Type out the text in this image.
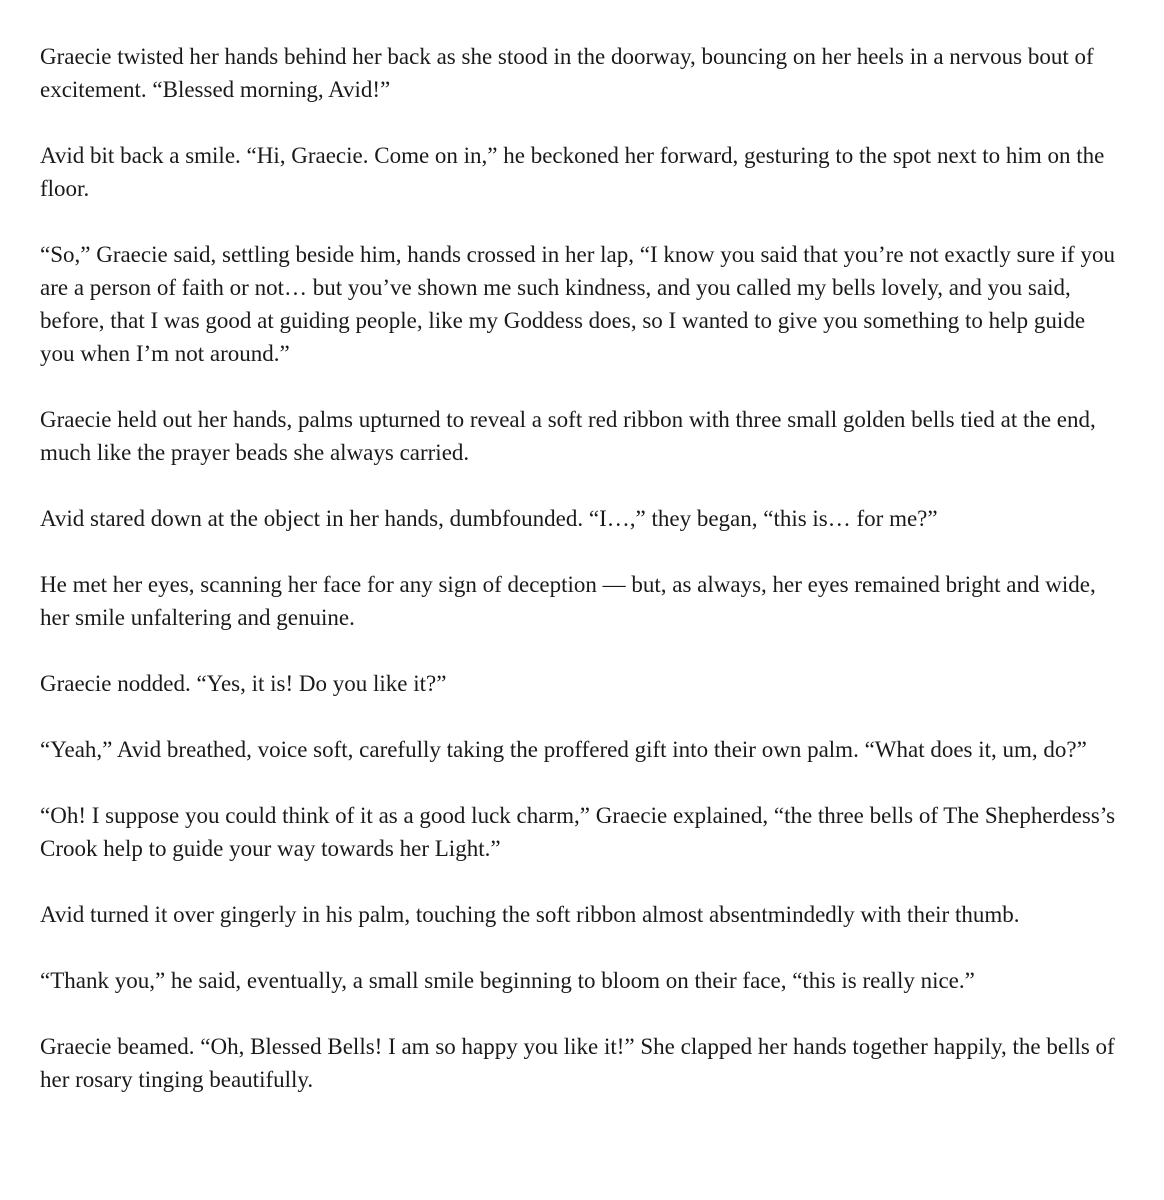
Graecie twisted her hands behind her back as she stood in the doorway, bouncing on her heels in a nervous bout of excitement. “Blessed morning, Avid!”

Avid bit back a smile. “Hi, Graecie. Come on in,” he beckoned her forward, gesturing to the spot next to him on the floor.

“So,” Graecie said, settling beside him, hands crossed in her lap, “I know you said that you’re not exactly sure if you are a person of faith or not… but you’ve shown me such kindness, and you called my bells lovely, and you said, before, that I was good at guiding people, like my Goddess does, so I wanted to give you something to help guide you when I’m not around.”

Graecie held out her hands, palms upturned to reveal a soft red ribbon with three small golden bells tied at the end, much like the prayer beads she always carried.

Avid stared down at the object in her hands, dumbfounded. “I…,” they began, “this is… for me?”

He met her eyes, scanning her face for any sign of deception — but, as always, her eyes remained bright and wide, her smile unfaltering and genuine.

Graecie nodded. “Yes, it is! Do you like it?”

“Yeah,” Avid breathed, voice soft, carefully taking the proffered gift into their own palm. “What does it, um, do?”

“Oh! I suppose you could think of it as a good luck charm,” Graecie explained, “the three bells of The Shepherdess’s Crook help to guide your way towards her Light.”

Avid turned it over gingerly in his palm, touching the soft ribbon almost absentmindedly with their thumb.

“Thank you,” he said, eventually, a small smile beginning to bloom on their face, “this is really nice.”

Graecie beamed. “Oh, Blessed Bells! I am so happy you like it!” She clapped her hands together happily, the bells of her rosary tinging beautifully.
